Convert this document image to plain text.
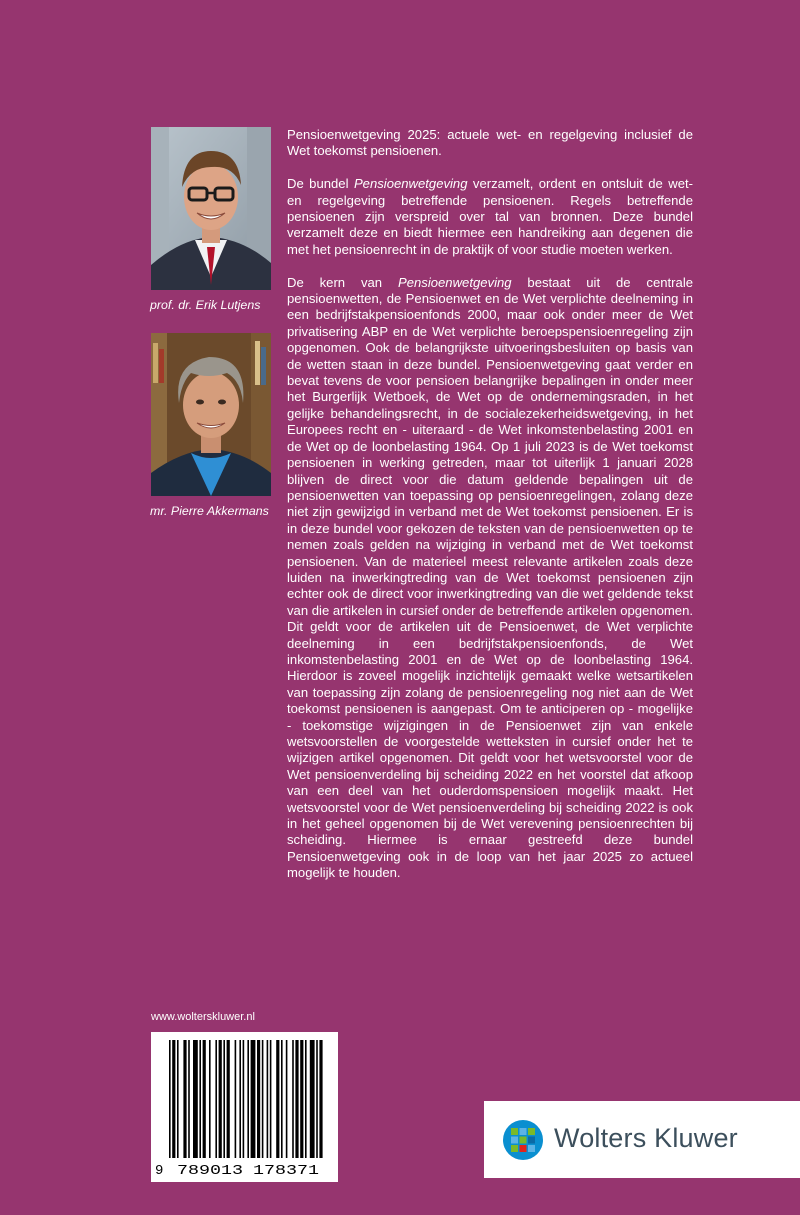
prof. dr. Erik Lutjens
mr. Pierre Akkermans

Pensioenwetgeving 2025: actuele wet- en regelgeving inclusief de Wet toekomst pensioenen.

De bundel Pensioenwetgeving verzamelt, ordent en ontsluit de wet- en regelgeving betreffende pensioenen. Regels betreffende pensioenen zijn verspreid over tal van bronnen. Deze bundel verzamelt deze en biedt hiermee een handreiking aan degenen die met het pensioenrecht in de praktijk of voor studie moeten werken.

De kern van Pensioenwetgeving bestaat uit de centrale pensioenwetten, de Pensioenwet en de Wet verplichte deelneming in een bedrijfstakpensioenfonds 2000, maar ook onder meer de Wet privatisering ABP en de Wet verplichte beroepspensioenregeling zijn opgenomen. Ook de belangrijkste uitvoeringsbesluiten op basis van de wetten staan in deze bundel. Pensioenwetgeving gaat verder en bevat tevens de voor pensioen belangrijke bepalingen in onder meer het Burgerlijk Wetboek, de Wet op de ondernemingsraden, in het gelijke behandelingsrecht, in de socialezekerheidswetgeving, in het Europees recht en - uiteraard - de Wet inkomstenbelasting 2001 en de Wet op de loonbelasting 1964. Op 1 juli 2023 is de Wet toekomst pensioenen in werking getreden, maar tot uiterlijk 1 januari 2028 blijven de direct voor die datum geldende bepalingen uit de pensioenwetten van toepassing op pensioenregelingen, zolang deze niet zijn gewijzigd in verband met de Wet toekomst pensioenen. Er is in deze bundel voor gekozen de teksten van de pensioenwetten op te nemen zoals gelden na wijziging in verband met de Wet toekomst pensioenen. Van de materieel meest relevante artikelen zoals deze luiden na inwerkingtreding van de Wet toekomst pensioenen zijn echter ook de direct voor inwerkingtreding van die wet geldende tekst van die artikelen in cursief onder de betreffende artikelen opgenomen. Dit geldt voor de artikelen uit de Pensioenwet, de Wet verplichte deelneming in een bedrijfstakpensioenfonds, de Wet inkomstenbelasting 2001 en de Wet op de loonbelasting 1964. Hierdoor is zoveel mogelijk inzichtelijk gemaakt welke wetsartikelen van toepassing zijn zolang de pensioenregeling nog niet aan de Wet toekomst pensioenen is aangepast. Om te anticiperen op - mogelijke - toekomstige wijzigingen in de Pensioenwet zijn van enkele wetsvoorstellen de voorgestelde wetteksten in cursief onder het te wijzigen artikel opgenomen. Dit geldt voor het wetsvoorstel voor de Wet pensioenverdeling bij scheiding 2022 en het voorstel dat afkoop van een deel van het ouderdomspensioen mogelijk maakt. Het wetsvoorstel voor de Wet pensioenverdeling bij scheiding 2022 is ook in het geheel opgenomen bij de Wet verevening pensioenrechten bij scheiding. Hiermee is ernaar gestreefd deze bundel Pensioenwetgeving ook in de loop van het jaar 2025 zo actueel mogelijk te houden.

www.wolterskluwer.nl
9 789013 178371
Wolters Kluwer
